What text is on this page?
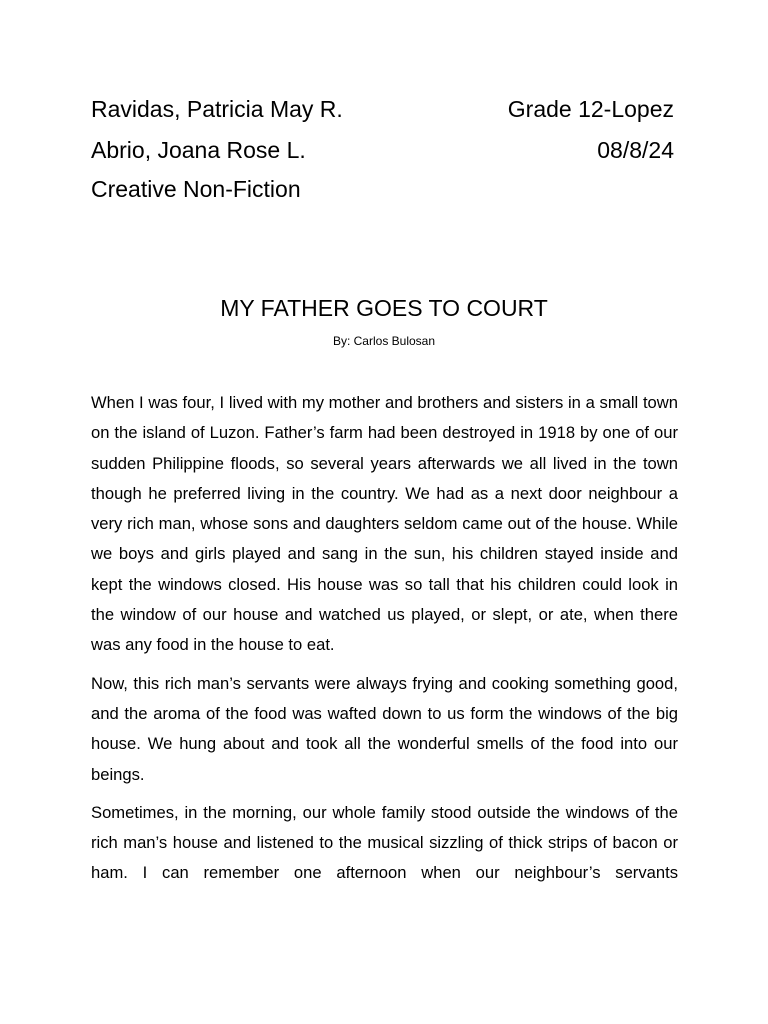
Ravidas, Patricia May R.	Grade 12-Lopez
Abrio, Joana Rose L.	08/8/24
Creative Non-Fiction
MY FATHER GOES TO COURT
By: Carlos Bulosan

When I was four, I lived with my mother and brothers and sisters in a small town on the island of Luzon. Father’s farm had been destroyed in 1918 by one of our sudden Philippine floods, so several years afterwards we all lived in the town though he preferred living in the country. We had as a next door neighbour a very rich man, whose sons and daughters seldom came out of the house. While we boys and girls played and sang in the sun, his children stayed inside and kept the windows closed. His house was so tall that his children could look in the window of our house and watched us played, or slept, or ate, when there was any food in the house to eat.

Now, this rich man’s servants were always frying and cooking something good, and the aroma of the food was wafted down to us form the windows of the big house. We hung about and took all the wonderful smells of the food into our beings.

Sometimes, in the morning, our whole family stood outside the windows of the rich man’s house and listened to the musical sizzling of thick strips of bacon or ham. I can remember one afternoon when our neighbour’s servants
